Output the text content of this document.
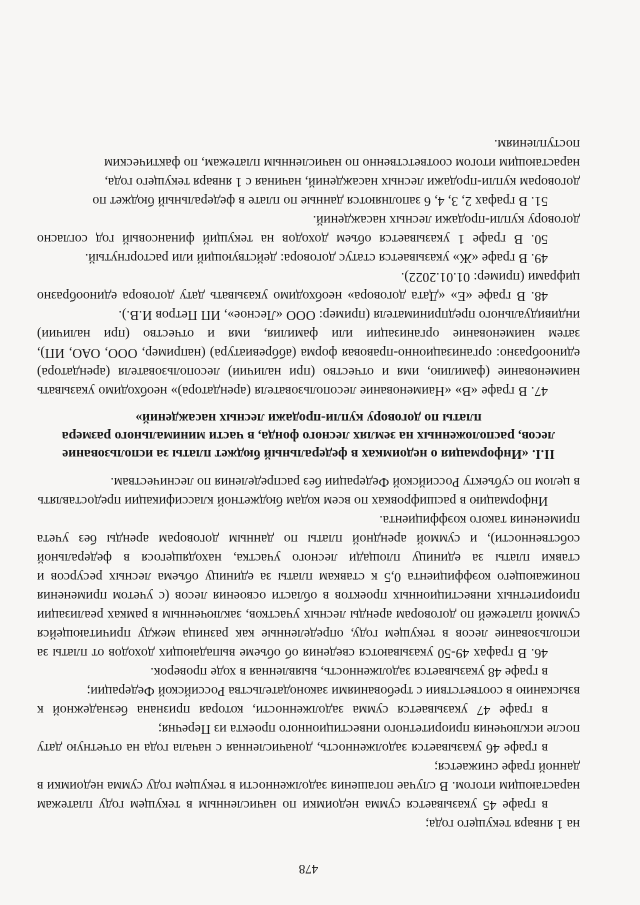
478

на 1 января текущего года;

в графе 45 указывается сумма недоимки по начисленным в текущем году платежам нарастающим итогом. В случае погашения задолженности в текущем году сумма недоимки в данной графе снижается;

в графе 46 указывается задолженность, доначисленная с начала года на отчетную дату после исключения приоритетного инвестиционного проекта из Перечня;

в графе 47 указывается сумма задолженности, которая признана безнадежной к взысканию в соответствии с требованиями законодательства Российской Федерации;

в графе 48 указывается задолженность, выявленная в ходе проверок.

46. В графах 49-50 указываются сведения об объеме выпадающих доходов от платы за использование лесов в текущем году, определенные как разница между причитающейся суммой платежей по договорам аренды лесных участков, заключенным в рамках реализации приоритетных инвестиционных проектов в области освоения лесов (с учетом применения понижающего коэффициента 0,5 к ставкам платы за единицу объема лесных ресурсов и ставки платы за единицу площади лесного участка, находящегося в федеральной собственности), и суммой арендной платы по данным договорам аренды без учета применения такого коэффициента.

Информацию в расшифровках по всем кодам бюджетной классификации предоставлять в целом по субъекту Российской Федерации без распределения по лесничествам.

II.I. «Информация о недоимках в федеральный бюджет платы за использование лесов, расположенных на землях лесного фонда, в части минимального размера платы по договору купли-продажи лесных насаждений»

47. В графе «В» «Наименование лесопользователя (арендатора)» необходимо указывать наименование (фамилию, имя и отчество (при наличии) лесопользователя (арендатора) единообразно: организационно-правовая форма (аббревиатура) (например, ООО, ОАО, ИП), затем наименование организации или фамилия, имя и отчество (при наличии) индивидуального предпринимателя (пример: ООО «Лесное», ИП Петров И.В.).

48. В графе «Е» «Дата договора» необходимо указывать дату договора единообразно цифрами (пример: 01.01.2022).

49. В графе «Ж» указывается статус договора: действующий или расторгнутый.

50. В графе 1 указывается объем доходов на текущий финансовый год согласно договору купли-продажи лесных насаждений.

51. В графах 2, 3, 4, 6 заполняются данные по плате в федеральный бюджет по договорам купли-продажи лесных насаждений, начиная с 1 января текущего года, нарастающим итогом соответственно по начисленным платежам, по фактическим поступлениям.
